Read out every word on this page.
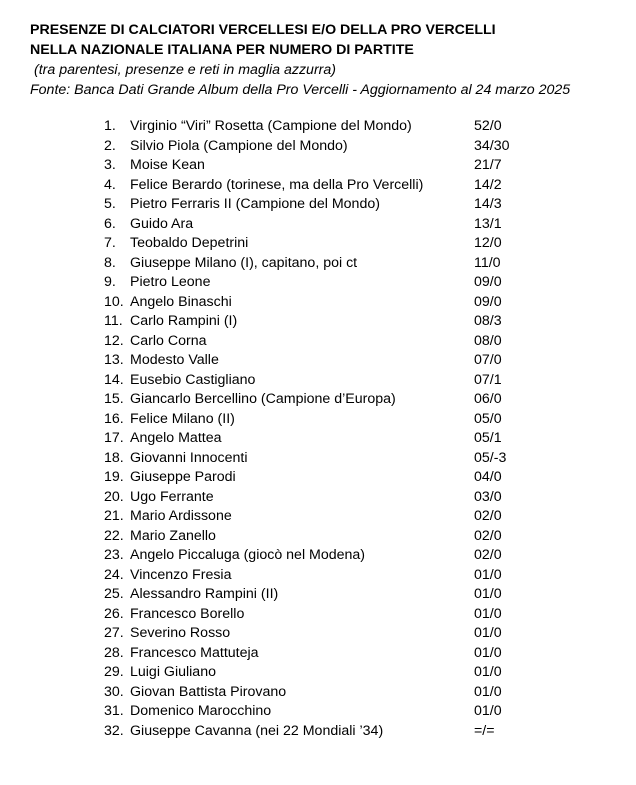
PRESENZE DI CALCIATORI VERCELLESI E/O DELLA PRO VERCELLI
NELLA NAZIONALE ITALIANA PER NUMERO DI PARTITE
(tra parentesi, presenze e reti in maglia azzurra)
Fonte: Banca Dati Grande Album della Pro Vercelli - Aggiornamento al 24 marzo 2025
1. Virginio “Viri” Rosetta (Campione del Mondo)	52/0
2. Silvio Piola (Campione del Mondo)	34/30
3. Moise Kean	21/7
4. Felice Berardo (torinese, ma della Pro Vercelli)	14/2
5. Pietro Ferraris II (Campione del Mondo)	14/3
6. Guido Ara	13/1
7. Teobaldo Depetrini	12/0
8. Giuseppe Milano (I), capitano, poi ct	11/0
9. Pietro Leone	09/0
10. Angelo Binaschi	09/0
11. Carlo Rampini (I)	08/3
12. Carlo Corna	08/0
13. Modesto Valle	07/0
14. Eusebio Castigliano	07/1
15. Giancarlo Bercellino (Campione d’Europa)	06/0
16. Felice Milano (II)	05/0
17. Angelo Mattea	05/1
18. Giovanni Innocenti	05/-3
19. Giuseppe Parodi	04/0
20. Ugo Ferrante	03/0
21. Mario Ardissone	02/0
22. Mario Zanello	02/0
23. Angelo Piccaluga (giocò nel Modena)	02/0
24. Vincenzo Fresia	01/0
25. Alessandro Rampini (II)	01/0
26. Francesco Borello	01/0
27. Severino Rosso	01/0
28. Francesco Mattuteja	01/0
29. Luigi Giuliano	01/0
30. Giovan Battista Pirovano	01/0
31. Domenico Marocchino	01/0
32. Giuseppe Cavanna (nei 22 Mondiali ’34)	=/=
